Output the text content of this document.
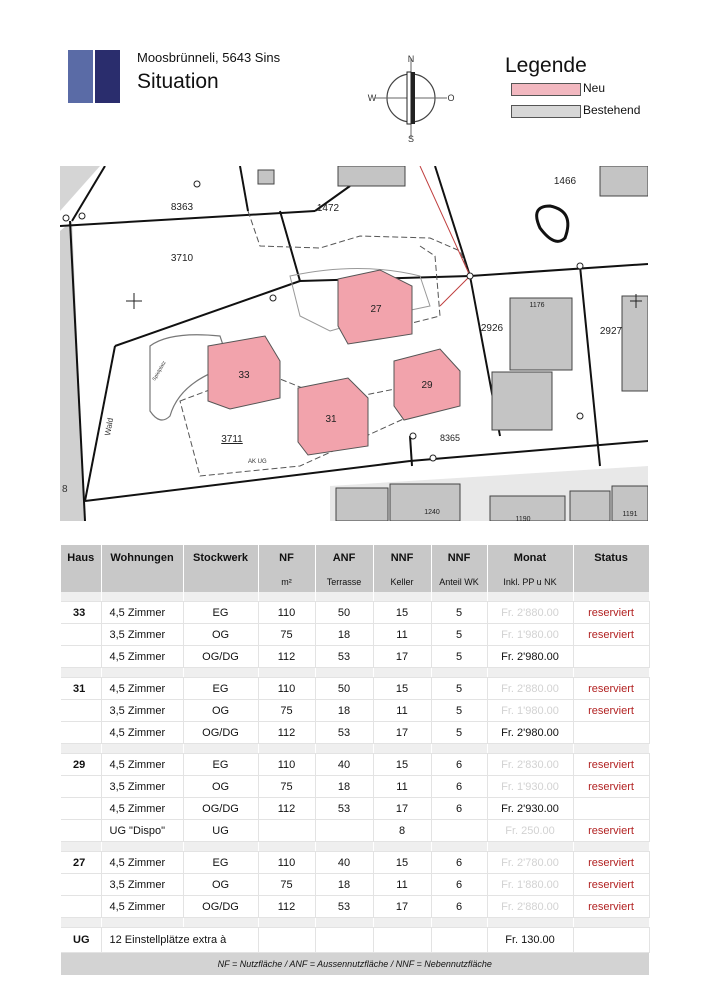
Moosbrünneli, 5643 Sins
Situation
N
S
W	O
Legende
Neu
Bestehend
8363	1472
1466
3710
2926	2927
8365
3711
27
33
29
31
1176
1240
1190
1191
Wald
Spielplatz
AK UG
8
Haus	Wohnungen	Stockwerk	NF	ANF	NNF	NNF	Monat	Status
			m²	Terrasse	Keller	Anteil WK	Inkl. PP u NK	

33	4,5 Zimmer	EG	110	50	15	5	Fr. 2'880.00	reserviert
	3,5 Zimmer	OG	75	18	11	5	Fr. 1'980.00	reserviert
	4,5 Zimmer	OG/DG	112	53	17	5	Fr. 2'980.00	

31	4,5 Zimmer	EG	110	50	15	5	Fr. 2'880.00	reserviert
	3,5 Zimmer	OG	75	18	11	5	Fr. 1'980.00	reserviert
	4,5 Zimmer	OG/DG	112	53	17	5	Fr. 2'980.00	

29	4,5 Zimmer	EG	110	40	15	6	Fr. 2'830.00	reserviert
	3,5 Zimmer	OG	75	18	11	6	Fr. 1'930.00	reserviert
	4,5 Zimmer	OG/DG	112	53	17	6	Fr. 2'930.00	
	UG "Dispo"	UG			8		Fr. 250.00	reserviert

27	4,5 Zimmer	EG	110	40	15	6	Fr. 2'780.00	reserviert
	3,5 Zimmer	OG	75	18	11	6	Fr. 1'880.00	reserviert
	4,5 Zimmer	OG/DG	112	53	17	6	Fr. 2'880.00	reserviert

UG	12 Einstellplätze extra à						Fr. 130.00	
NF = Nutzfläche / ANF = Aussennutzfläche / NNF = Nebennutzfläche								
